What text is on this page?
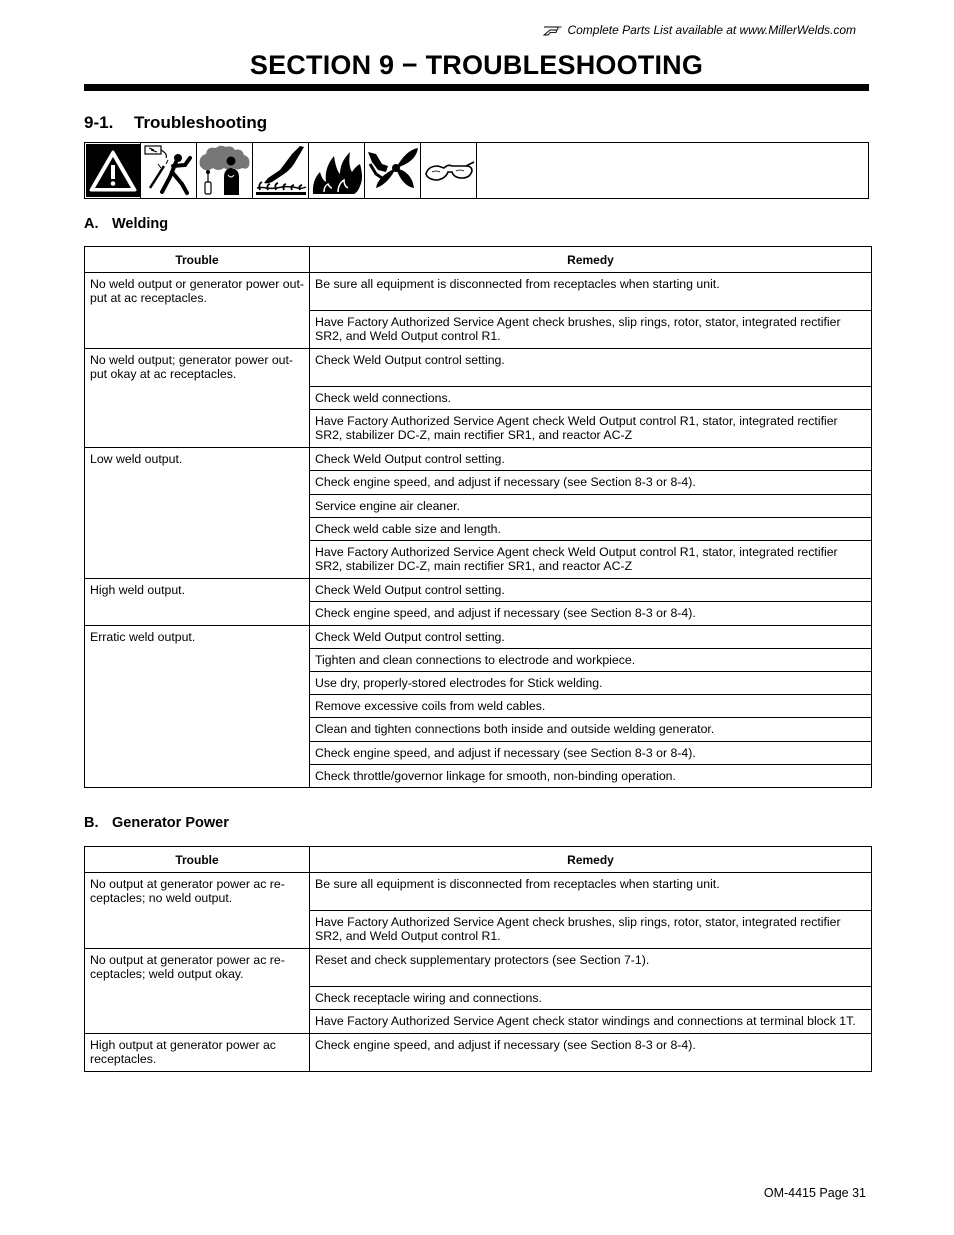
Complete Parts List available at www.MillerWelds.com
SECTION 9 − TROUBLESHOOTING
9-1. Troubleshooting
A. Welding
Trouble	Remedy
No weld output or generator power out-put at ac receptacles.	Be sure all equipment is disconnected from receptacles when starting unit.
	Have Factory Authorized Service Agent check brushes, slip rings, rotor, stator, integrated rectifier SR2, and Weld Output control R1.
No weld output; generator power out-put okay at ac receptacles.	Check Weld Output control setting.
	Check weld connections.
	Have Factory Authorized Service Agent check Weld Output control R1, stator, integrated rectifier SR2, stabilizer DC-Z, main rectifier SR1, and reactor AC-Z
Low weld output.	Check Weld Output control setting.
	Check engine speed, and adjust if necessary (see Section 8-3 or 8-4).
	Service engine air cleaner.
	Check weld cable size and length.
	Have Factory Authorized Service Agent check Weld Output control R1, stator, integrated rectifier SR2, stabilizer DC-Z, main rectifier SR1, and reactor AC-Z
High weld output.	Check Weld Output control setting.
	Check engine speed, and adjust if necessary (see Section 8-3 or 8-4).
Erratic weld output.	Check Weld Output control setting.
	Tighten and clean connections to electrode and workpiece.
	Use dry, properly-stored electrodes for Stick welding.
	Remove excessive coils from weld cables.
	Clean and tighten connections both inside and outside welding generator.
	Check engine speed, and adjust if necessary (see Section 8-3 or 8-4).
	Check throttle/governor linkage for smooth, non-binding operation.
B. Generator Power
Trouble	Remedy
No output at generator power ac re-ceptacles; no weld output.	Be sure all equipment is disconnected from receptacles when starting unit.
	Have Factory Authorized Service Agent check brushes, slip rings, rotor, stator, integrated rectifier SR2, and Weld Output control R1.
No output at generator power ac re-ceptacles; weld output okay.	Reset and check supplementary protectors (see Section 7-1).
	Check receptacle wiring and connections.
	Have Factory Authorized Service Agent check stator windings and connections at terminal block 1T.
High output at generator power ac receptacles.	Check engine speed, and adjust if necessary (see Section 8-3 or 8-4).
OM-4415 Page 31
